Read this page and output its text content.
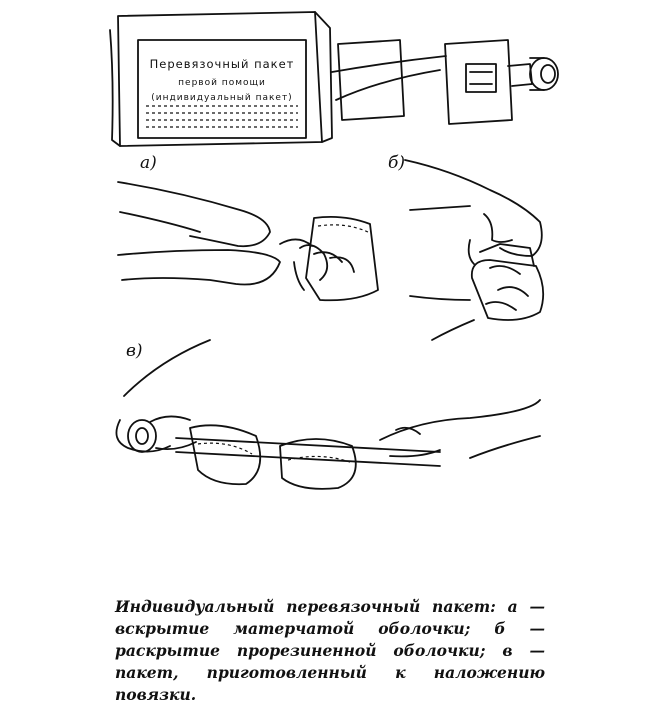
Перевязочный пакет
первой помощи
(индивидуальный пакет)
а)	б)
в)
Индивидуальный перевязочный пакет: а — вскрытие матерчатой оболочки; б — раскрытие прорезиненной оболочки; в — пакет, приготовленный к наложению повязки.
